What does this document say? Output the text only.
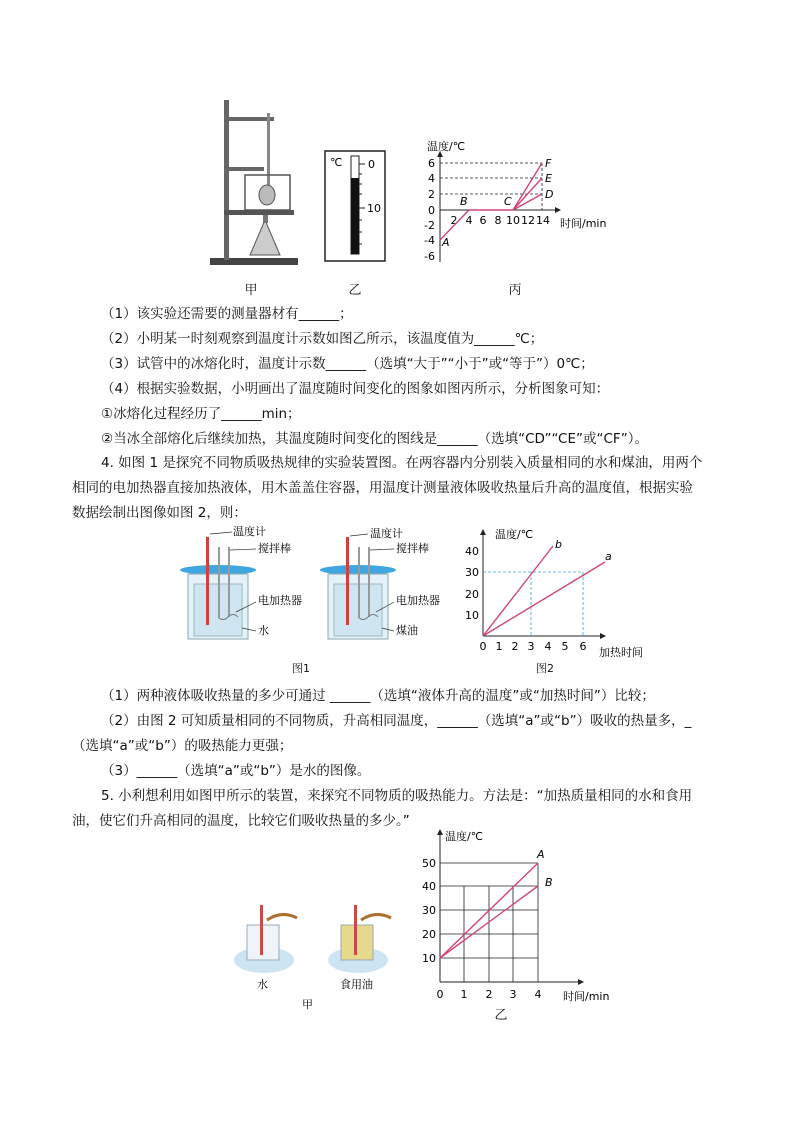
甲
℃ 0
10
乙
温度/℃
时间/min
6
4
2
0
-2
-4
-6
2 4 6 8 10 12 14
A
B	C
D
E
F
丙
（1）该实验还需要的测量器材有______；
（2）小明某一时刻观察到温度计示数如图乙所示，该温度值为______℃；
（3）试管中的冰熔化时，温度计示数______（选填“大于”“小于”或“等于”）0℃；
（4）根据实验数据，小明画出了温度随时间变化的图象如图丙所示，分析图象可知：
①冰熔化过程经历了______min；
②当冰全部熔化后继续加热，其温度随时间变化的图线是______（选填“CD”“CE”或“CF”）。
4. 如图 1 是探究不同物质吸热规律的实验装置图。在两容器内分别装入质量相同的水和煤油，用两个
相同的电加热器直接加热液体，用木盖盖住容器，用温度计测量液体吸收热量后升高的温度值，根据实验
数据绘制出图像如图 2，则：
温度计
搅拌棒
电加热器
水
温度计
搅拌棒
电加热器
煤油
图1
温度/℃
加热时间
40
30
20
10
0 1 2 3 4 5 6
a
b
图2
（1）两种液体吸收热量的多少可通过 ______（选填“液体升高的温度”或“加热时间”）比较；
（2）由图 2 可知质量相同的不同物质，升高相同温度，______（选填“a”或“b”）吸收的热量多，_
（选填“a”或“b”）的吸热能力更强；
（3）______（选填“a”或“b”）是水的图像。
5. 小利想利用如图甲所示的装置，来探究不同物质的吸热能力。方法是：“加热质量相同的水和食用
油，使它们升高相同的温度，比较它们吸收热量的多少。”
水	食用油
甲
温度/℃
时间/min
50
40
30
20
10
0 1 2 3 4
A
B
乙
